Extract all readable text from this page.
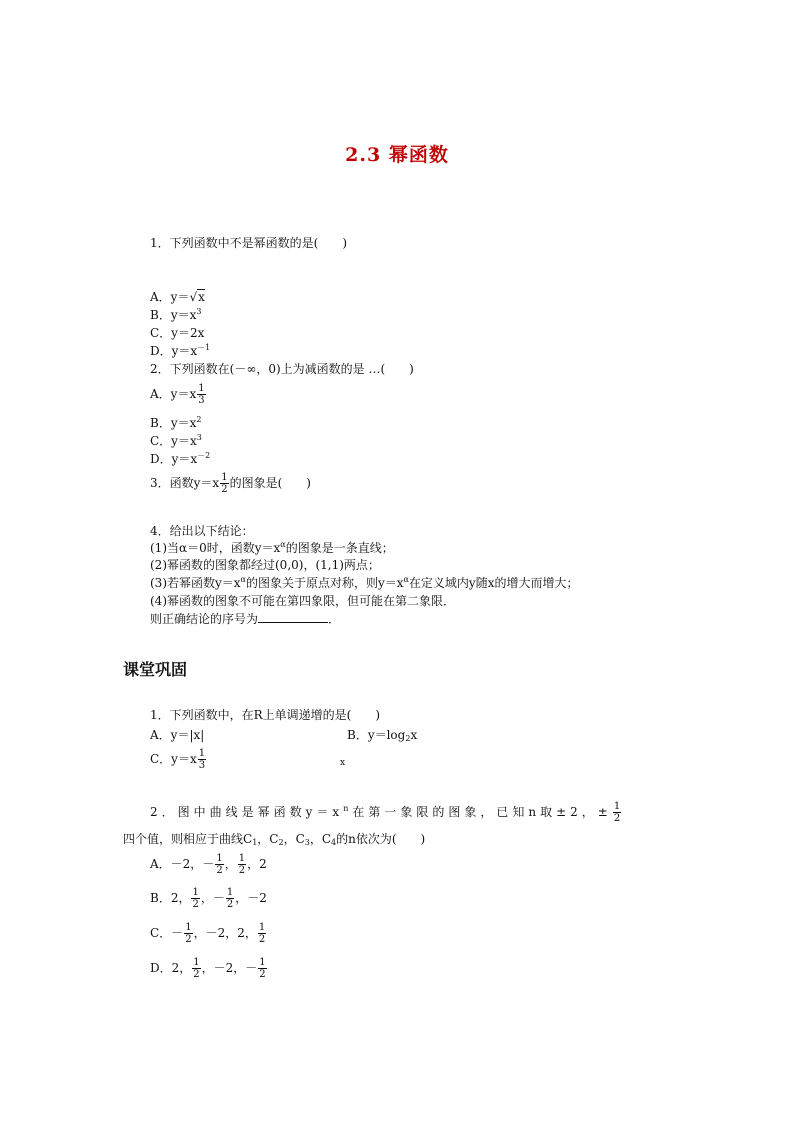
2.3 幂函数
1．下列函数中不是幂函数的是(　　)
A．y＝√x
B．$y=x^3$
C．y＝2x
D．$y=x^{-1}$
2．下列函数在(－∞，0)上为减函数的是 …(　　)
A．$y=x \frac{1}{3}$
B．$y=x^2$
C．$y=x^3$
D．$y=x^{-2}$
3．函数$y=x \frac{1}{2}$ 的图象是(　　)
4．给出以下结论：
(1)当α＝0时，函数$y=x^\alpha$的图象是一条直线；
(2)幂函数的图象都经过(0,0)，(1,1)两点；
(3)若幂函数$y=x^\alpha$的图象关于原点对称，则$y=x^\alpha$在定义域内y随x的增大而增大；
(4)幂函数的图象不可能在第四象限，但可能在第二象限．
则正确结论的序号为	．
课堂巩固
1．下列函数中，在R上单调递增的是(　　)
A．y＝|x|	B．$y=\log_2x$
C．$y=x \frac{1}{3}$	x
2．图中曲线是幂函数$y=x^n$在第一象限的图象，已知n取±2，± $\frac{1}{2}$
四个值，则相应于曲线$C_1$，$C_2$，$C_3$，$C_4$的n依次为(　　)
A．－2，－ $\frac{1}{2}$ ， $\frac{1}{2}$ ，2
B．2， $\frac{1}{2}$ ，－ $\frac{1}{2}$ ，－2
C．－ $\frac{1}{2}$ ，－2，2， $\frac{1}{2}$
D．2， $\frac{1}{2}$ ，－2，－ $\frac{1}{2}$
